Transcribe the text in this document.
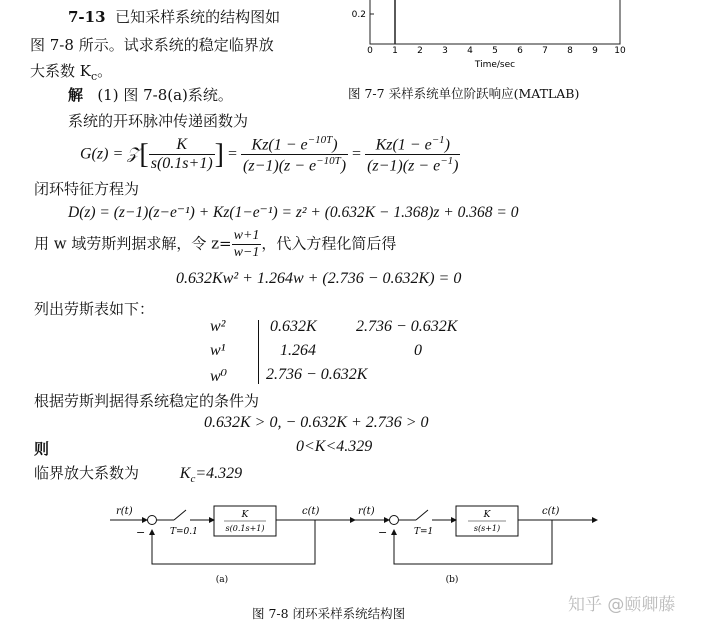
7-13 已知采样系统的结构图如
图 7-8 所示。试求系统的稳定临界放
大系数 $K_c$。
0.2
0 1 2 3 4 5 6 7 8 9 10
Time/sec
图 7-7 采样系统单位阶跃响应(MATLAB)
解 (1) 图 7-8(a)系统。
系统的开环脉冲传递函数为
G(z) = 𝒵[ $\frac{K}{s(0.1s+1)}$ ] = $\frac{Kz(1 - e^{-10T})}{(z-1)(z - e^{-10T})} = \frac{Kz(1 - e^{-1})}{(z-1)(z - e^{-1})}$
闭环特征方程为
D(z) = (z−1)(z−e⁻¹) + Kz(1−e⁻¹) = z² + (0.632K − 1.368)z + 0.368 = 0
用 w 域劳斯判据求解，令 $z= \frac{w+1}{w-1}$ ，代入方程化简后得
0.632Kw² + 1.264w + (2.736 − 0.632K) = 0
列出劳斯表如下：
w²	0.632K 2.736 − 0.632K
w¹	1.264	0
w⁰ 2.736 − 0.632K
根据劳斯判据得系统稳定的条件为
0.632K > 0, − 0.632K + 2.736 > 0
则	0<K<4.329
临界放大系数为	$K_c=4.329$
r(t)
−	T=0.1
K
s(0.1s+1)
c(t)
(a)
r(t)
−	T=1
K
s(s+1)
c(t)
(b)
图 7-8 闭环采样系统结构图	知乎 @颐卿藤
